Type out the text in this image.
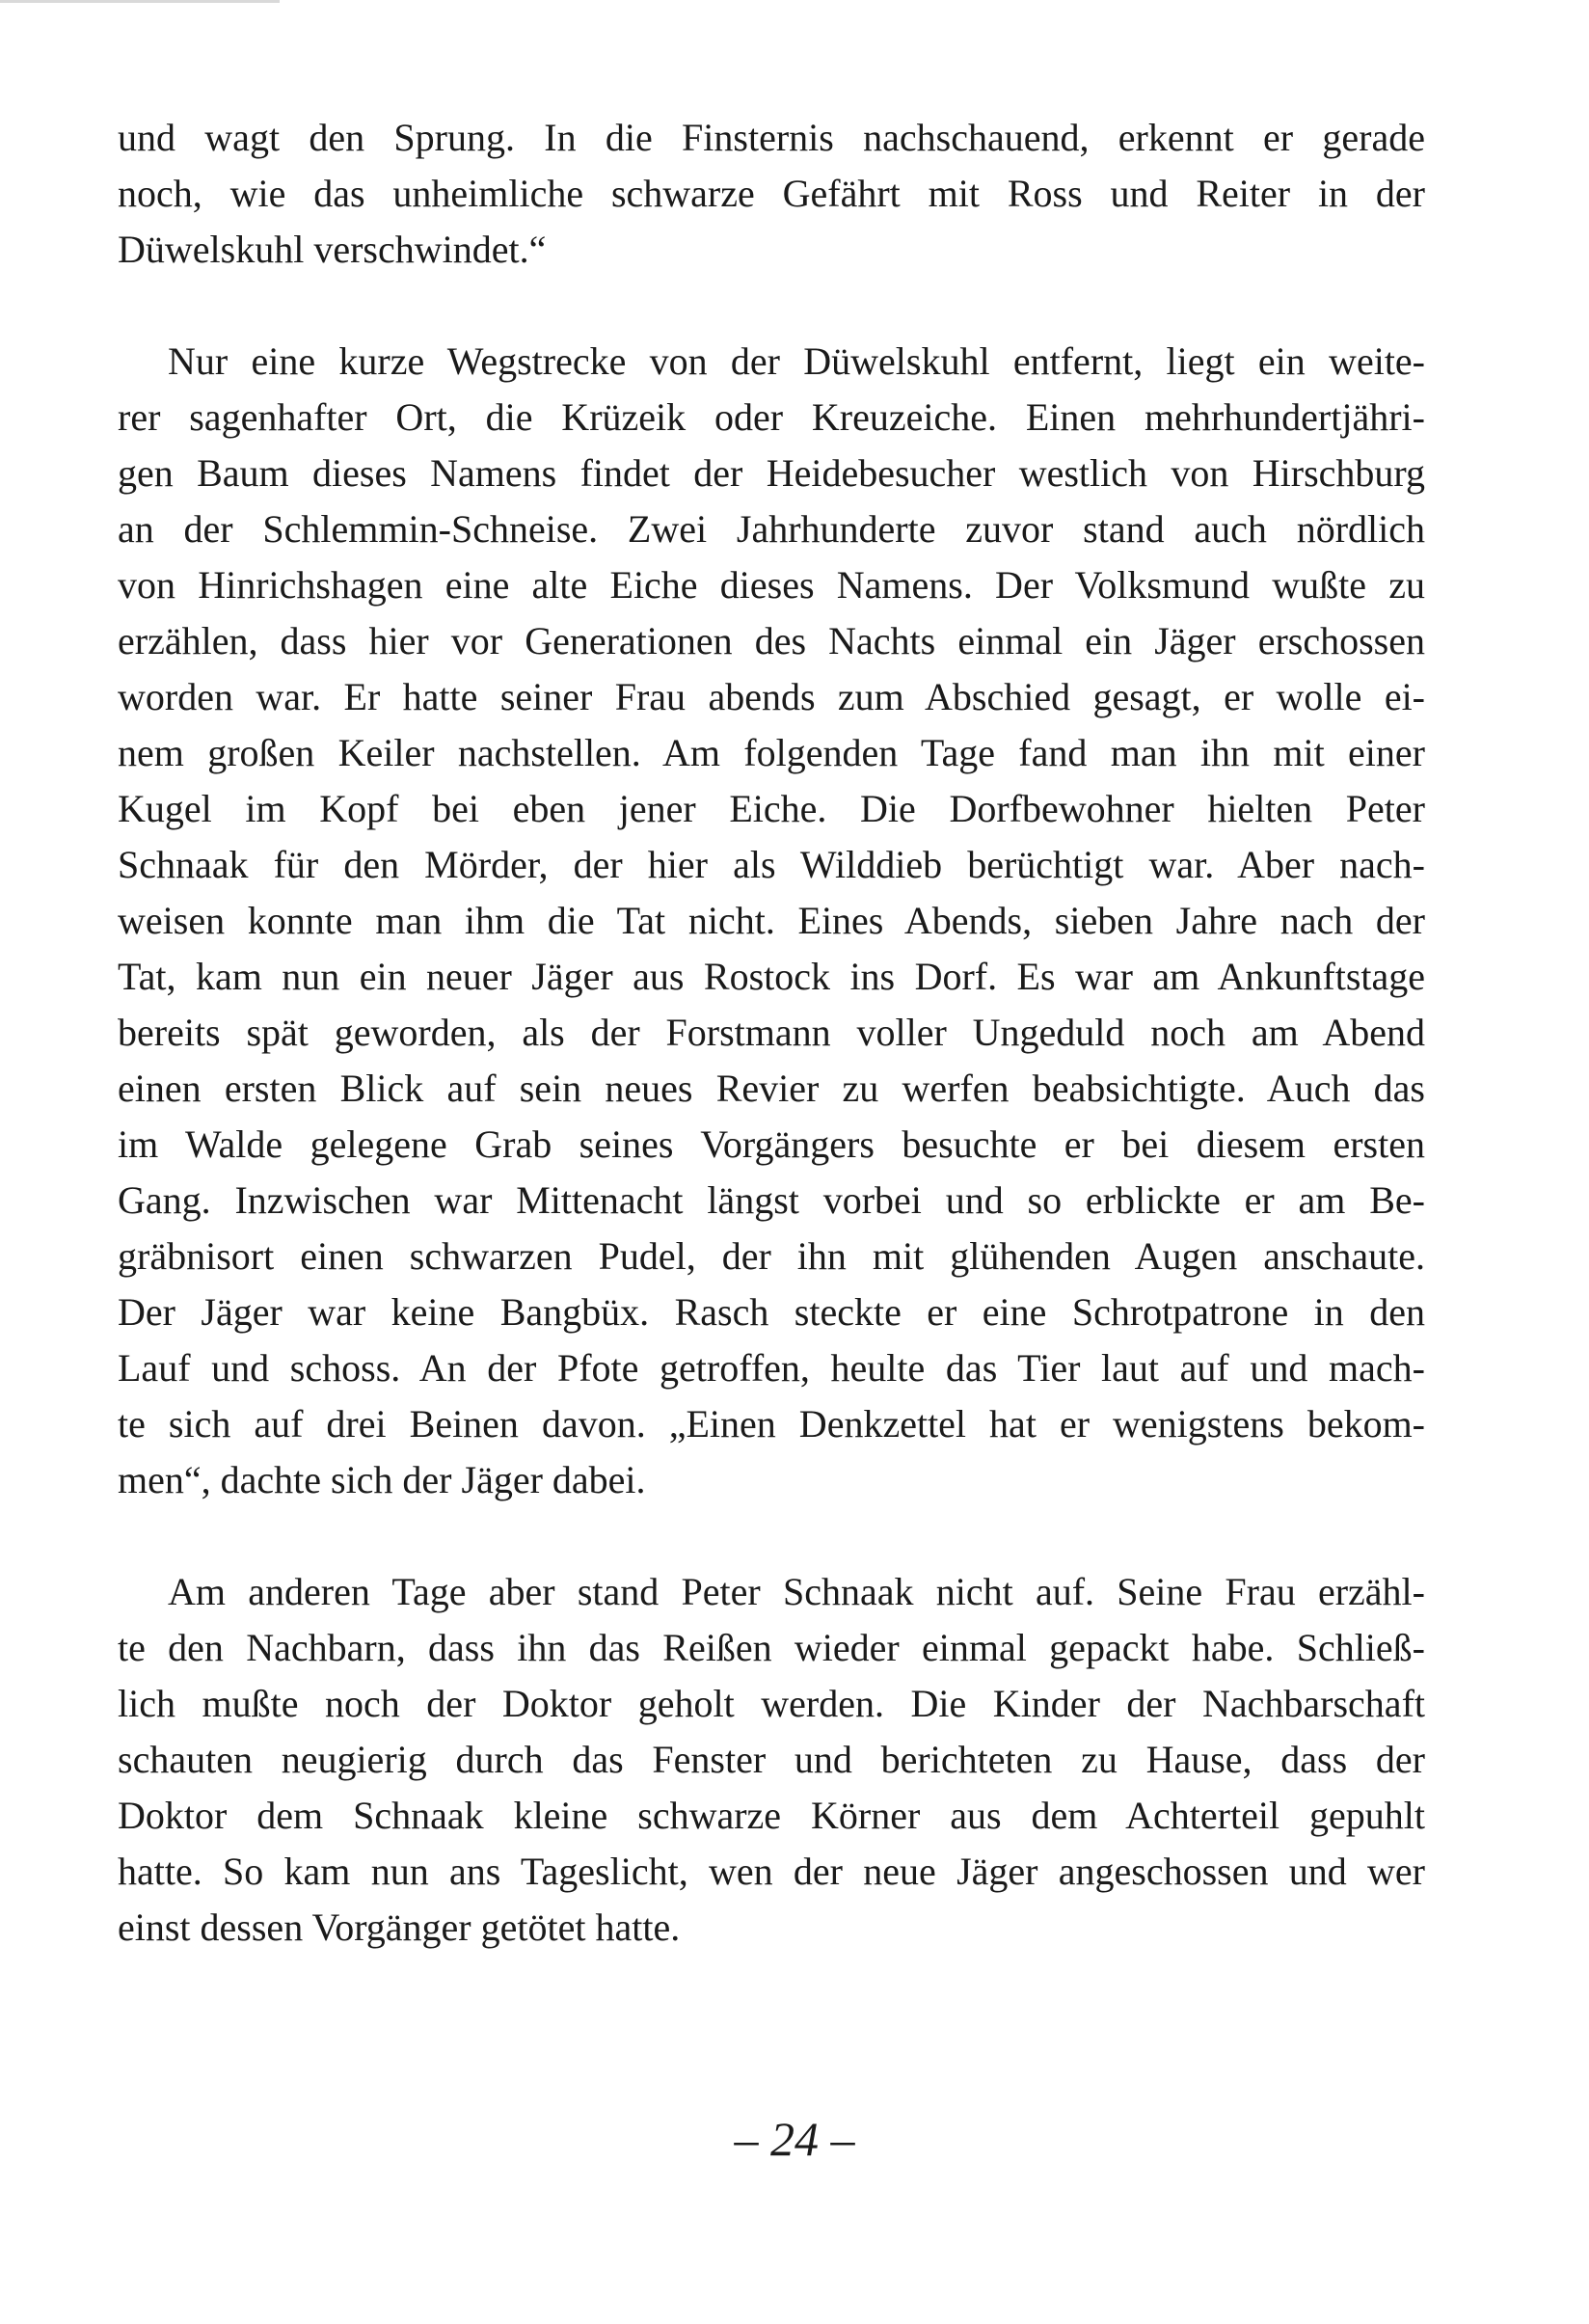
und wagt den Sprung. In die Finsternis nachschauend, erkennt er gerade
noch, wie das unheimliche schwarze Gefährt mit Ross und Reiter in der
Düwelskuhl verschwindet.“
Nur eine kurze Wegstrecke von der Düwelskuhl entfernt, liegt ein weite-
rer sagenhafter Ort, die Krüzeik oder Kreuzeiche. Einen mehrhundertjähri-
gen Baum dieses Namens findet der Heidebesucher westlich von Hirschburg
an der Schlemmin-Schneise. Zwei Jahrhunderte zuvor stand auch nördlich
von Hinrichshagen eine alte Eiche dieses Namens. Der Volksmund wußte zu
erzählen, dass hier vor Generationen des Nachts einmal ein Jäger erschossen
worden war. Er hatte seiner Frau abends zum Abschied gesagt, er wolle ei-
nem großen Keiler nachstellen. Am folgenden Tage fand man ihn mit einer
Kugel im Kopf bei eben jener Eiche. Die Dorfbewohner hielten Peter
Schnaak für den Mörder, der hier als Wilddieb berüchtigt war. Aber nach-
weisen konnte man ihm die Tat nicht. Eines Abends, sieben Jahre nach der
Tat, kam nun ein neuer Jäger aus Rostock ins Dorf. Es war am Ankunftstage
bereits spät geworden, als der Forstmann voller Ungeduld noch am Abend
einen ersten Blick auf sein neues Revier zu werfen beabsichtigte. Auch das
im Walde gelegene Grab seines Vorgängers besuchte er bei diesem ersten
Gang. Inzwischen war Mittenacht längst vorbei und so erblickte er am Be-
gräbnisort einen schwarzen Pudel, der ihn mit glühenden Augen anschaute.
Der Jäger war keine Bangbüx. Rasch steckte er eine Schrotpatrone in den
Lauf und schoss. An der Pfote getroffen, heulte das Tier laut auf und mach-
te sich auf drei Beinen davon. „Einen Denkzettel hat er wenigstens bekom-
men“, dachte sich der Jäger dabei.
Am anderen Tage aber stand Peter Schnaak nicht auf. Seine Frau erzähl-
te den Nachbarn, dass ihn das Reißen wieder einmal gepackt habe. Schließ-
lich mußte noch der Doktor geholt werden. Die Kinder der Nachbarschaft
schauten neugierig durch das Fenster und berichteten zu Hause, dass der
Doktor dem Schnaak kleine schwarze Körner aus dem Achterteil gepuhlt
hatte. So kam nun ans Tageslicht, wen der neue Jäger angeschossen und wer
einst dessen Vorgänger getötet hatte.
– 24 –
